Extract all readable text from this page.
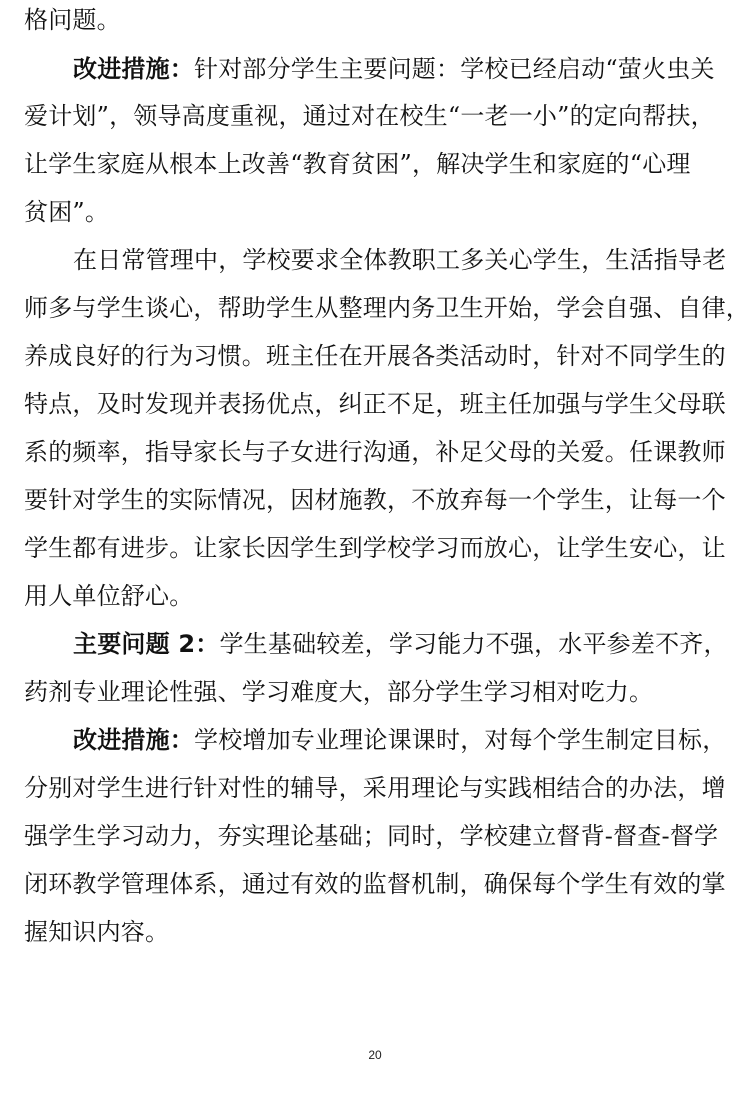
格问题。
改进措施：针对部分学生主要问题：学校已经启动“萤火虫关
爱计划”，领导高度重视，通过对在校生“一老一小”的定向帮扶，
让学生家庭从根本上改善“教育贫困”，解决学生和家庭的“心理
贫困”。
在日常管理中，学校要求全体教职工多关心学生，生活指导老
师多与学生谈心，帮助学生从整理内务卫生开始，学会自强、自律，
养成良好的行为习惯。班主任在开展各类活动时，针对不同学生的
特点，及时发现并表扬优点，纠正不足，班主任加强与学生父母联
系的频率，指导家长与子女进行沟通，补足父母的关爱。任课教师
要针对学生的实际情况，因材施教，不放弃每一个学生，让每一个
学生都有进步。让家长因学生到学校学习而放心，让学生安心，让
用人单位舒心。
主要问题 2：学生基础较差，学习能力不强，水平参差不齐，
药剂专业理论性强、学习难度大，部分学生学习相对吃力。
改进措施：学校增加专业理论课课时，对每个学生制定目标，
分别对学生进行针对性的辅导，采用理论与实践相结合的办法，增
强学生学习动力，夯实理论基础；同时，学校建立督背-督查-督学
闭环教学管理体系，通过有效的监督机制，确保每个学生有效的掌
握知识内容。
20
